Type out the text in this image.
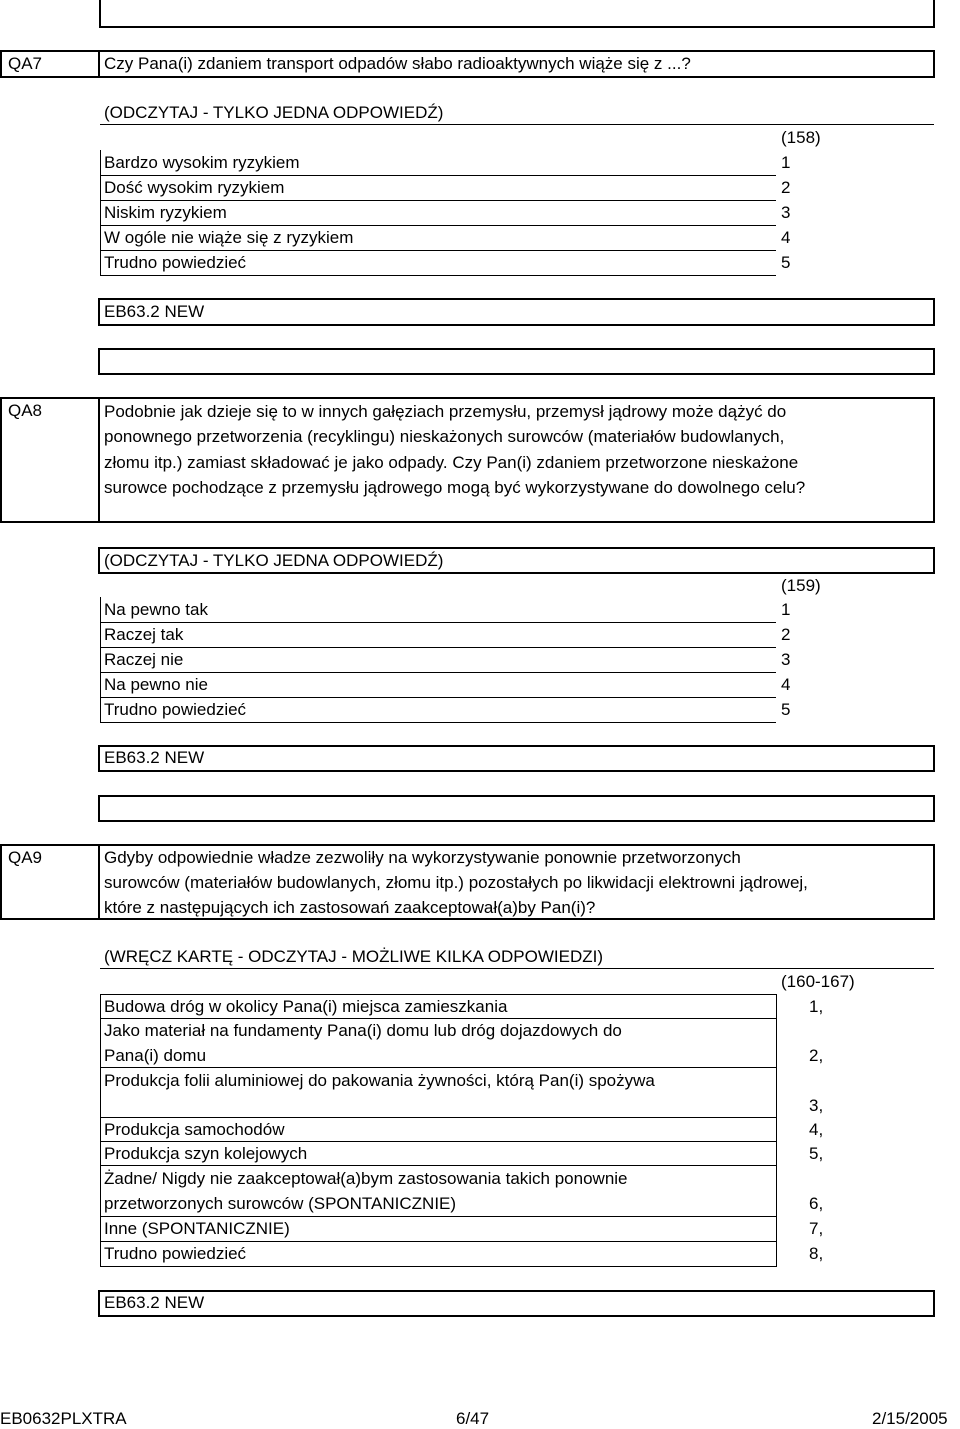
QA7	Czy Pana(i) zdaniem transport odpadów słabo radioaktywnych wiąże się z ...?
(ODCZYTAJ - TYLKO JEDNA ODPOWIEDŹ)
(158)
Bardzo wysokim ryzykiem	1
Dość wysokim ryzykiem	2
Niskim ryzykiem	3
W ogóle nie wiąże się z ryzykiem	4
Trudno powiedzieć	5
EB63.2 NEW
QA8	Podobnie jak dzieje się to w innych gałęziach przemysłu, przemysł jądrowy może dążyć do
ponownego przetworzenia (recyklingu) nieskażonych surowców (materiałów budowlanych,
złomu itp.) zamiast składować je jako odpady. Czy Pan(i) zdaniem przetworzone nieskażone
surowce pochodzące z przemysłu jądrowego mogą być wykorzystywane do dowolnego celu?
(ODCZYTAJ - TYLKO JEDNA ODPOWIEDŹ)
(159)
Na pewno tak	1
Raczej tak	2
Raczej nie	3
Na pewno nie	4
Trudno powiedzieć	5
EB63.2 NEW
QA9	Gdyby odpowiednie władze zezwoliły na wykorzystywanie ponownie przetworzonych
surowców (materiałów budowlanych, złomu itp.) pozostałych po likwidacji elektrowni jądrowej,
które z następujących ich zastosowań zaakceptował(a)by Pan(i)?
(WRĘCZ KARTĘ - ODCZYTAJ - MOŻLIWE KILKA ODPOWIEDZI)
(160-167)
Budowa dróg w okolicy Pana(i) miejsca zamieszkania	1,
Jako materiał na fundamenty Pana(i) domu lub dróg dojazdowych do
Pana(i) domu	2,
Produkcja folii aluminiowej do pakowania żywności, którą Pan(i) spożywa
3,
Produkcja samochodów	4,
Produkcja szyn kolejowych	5,
Żadne/ Nigdy nie zaakceptował(a)bym zastosowania takich ponownie
przetworzonych surowców (SPONTANICZNIE)	6,
Inne (SPONTANICZNIE)	7,
Trudno powiedzieć	8,
EB63.2 NEW
EB0632PLXTRA	6/47	2/15/2005
